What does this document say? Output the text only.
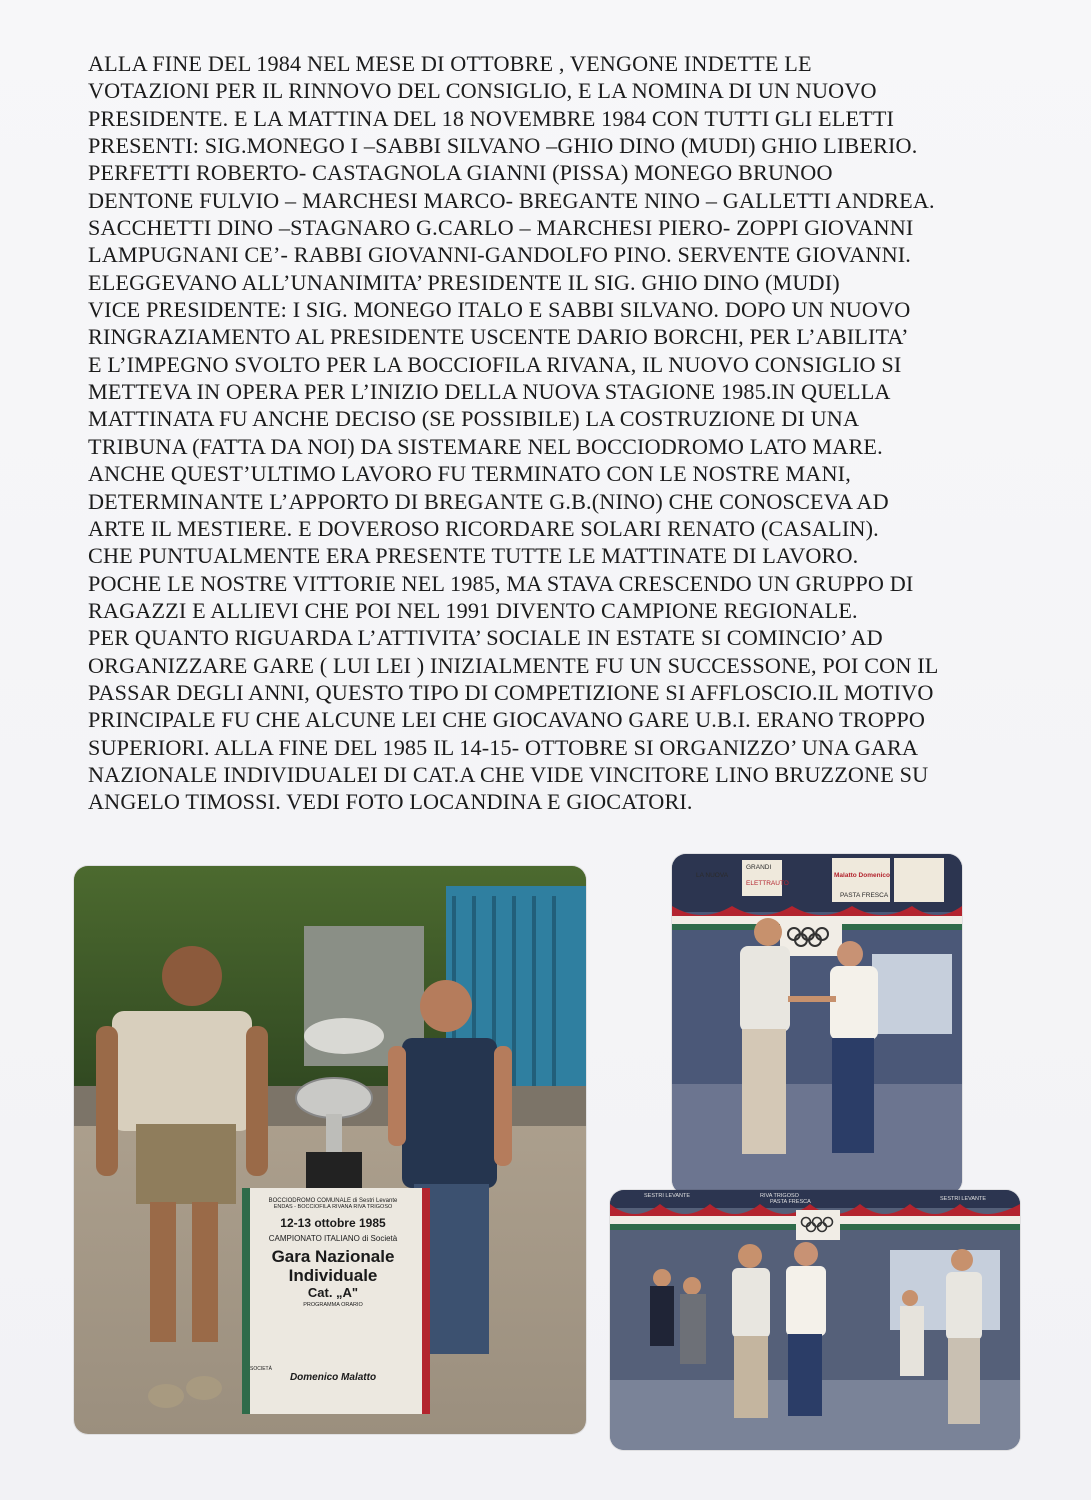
ALLA FINE DEL 1984 NEL MESE DI OTTOBRE , VENGONE INDETTE LE
VOTAZIONI PER IL RINNOVO DEL CONSIGLIO, E LA NOMINA DI UN NUOVO
PRESIDENTE. E LA MATTINA DEL 18 NOVEMBRE 1984 CON TUTTI GLI ELETTI
PRESENTI: SIG.MONEGO I –SABBI SILVANO –GHIO DINO (MUDI) GHIO LIBERIO.
PERFETTI ROBERTO- CASTAGNOLA GIANNI (PISSA) MONEGO BRUNOO
DENTONE FULVIO – MARCHESI MARCO- BREGANTE NINO – GALLETTI ANDREA.
SACCHETTI DINO –STAGNARO G.CARLO – MARCHESI PIERO- ZOPPI GIOVANNI
LAMPUGNANI CE’- RABBI GIOVANNI-GANDOLFO PINO. SERVENTE GIOVANNI.
ELEGGEVANO ALL’UNANIMITA’ PRESIDENTE IL SIG. GHIO DINO (MUDI)
VICE PRESIDENTE: I SIG. MONEGO ITALO E SABBI SILVANO. DOPO UN NUOVO
RINGRAZIAMENTO AL PRESIDENTE USCENTE DARIO BORCHI, PER L’ABILITA’
E L’IMPEGNO SVOLTO PER LA BOCCIOFILA RIVANA, IL NUOVO CONSIGLIO SI
METTEVA IN OPERA PER L’INIZIO DELLA NUOVA STAGIONE 1985.IN QUELLA
MATTINATA FU ANCHE DECISO (SE POSSIBILE) LA COSTRUZIONE DI UNA
TRIBUNA (FATTA DA NOI) DA SISTEMARE NEL BOCCIODROMO LATO MARE.
ANCHE QUEST’ULTIMO LAVORO FU TERMINATO CON LE NOSTRE MANI,
DETERMINANTE L’APPORTO DI BREGANTE G.B.(NINO) CHE CONOSCEVA AD
ARTE IL MESTIERE. E DOVEROSO RICORDARE SOLARI RENATO (CASALIN).
CHE PUNTUALMENTE ERA PRESENTE TUTTE LE MATTINATE DI LAVORO.
POCHE LE NOSTRE VITTORIE NEL 1985, MA STAVA CRESCENDO UN GRUPPO DI
RAGAZZI E ALLIEVI CHE POI NEL 1991 DIVENTO CAMPIONE REGIONALE.
PER QUANTO RIGUARDA L’ATTIVITA’ SOCIALE IN ESTATE SI COMINCIO’ AD
ORGANIZZARE GARE ( LUI LEI ) INIZIALMENTE FU UN SUCCESSONE, POI CON IL
PASSAR DEGLI ANNI, QUESTO TIPO DI COMPETIZIONE SI AFFLOSCIO.IL MOTIVO
PRINCIPALE FU CHE ALCUNE LEI CHE GIOCAVANO GARE U.B.I. ERANO TROPPO
SUPERIORI. ALLA FINE DEL 1985 IL 14-15- OTTOBRE SI ORGANIZZO’ UNA GARA
NAZIONALE INDIVIDUALEI DI CAT.A CHE VIDE VINCITORE LINO BRUZZONE SU
ANGELO TIMOSSI. VEDI FOTO LOCANDINA E GIOCATORI.
BOCCIODROMO COMUNALE di Sestri Levante
ENDAS - BOCCIOFILA RIVANA RIVA TRIGOSO
12-13 ottobre 1985
CAMPIONATO ITALIANO di Società
Gara Nazionale
Individuale
Cat. „A"
PROGRAMMA ORARIO
SOCIETÀ
Domenico Malatto
LA NUOVA
GRANDI
ELETTRAUTO
Malatto Domenico
PASTA FRESCA
SESTRI LEVANTE	RIVA TRIGOSO
PASTA FRESCA	SESTRI LEVANTE
